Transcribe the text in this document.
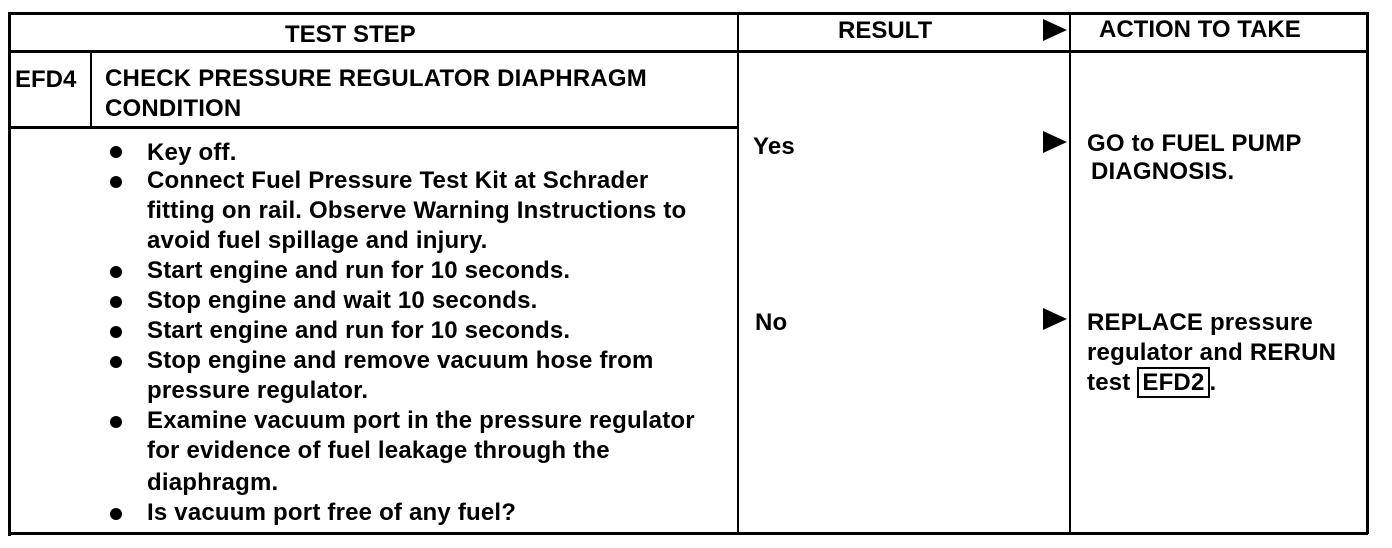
TEST STEP	RESULT	ACTION TO TAKE
EFD4 CHECK PRESSURE REGULATOR DIAPHRAGM
CONDITION
Key off.
Connect Fuel Pressure Test Kit at Schrader
fitting on rail. Observe Warning Instructions to
avoid fuel spillage and injury.
Start engine and run for 10 seconds.
Stop engine and wait 10 seconds.
Start engine and run for 10 seconds.
Stop engine and remove vacuum hose from
pressure regulator.
Examine vacuum port in the pressure regulator
for evidence of fuel leakage through the
diaphragm.
Is vacuum port free of any fuel?
Yes	GO to FUEL PUMP
DIAGNOSIS.
No	REPLACE pressure
regulator and RERUN
test EFD2 .
